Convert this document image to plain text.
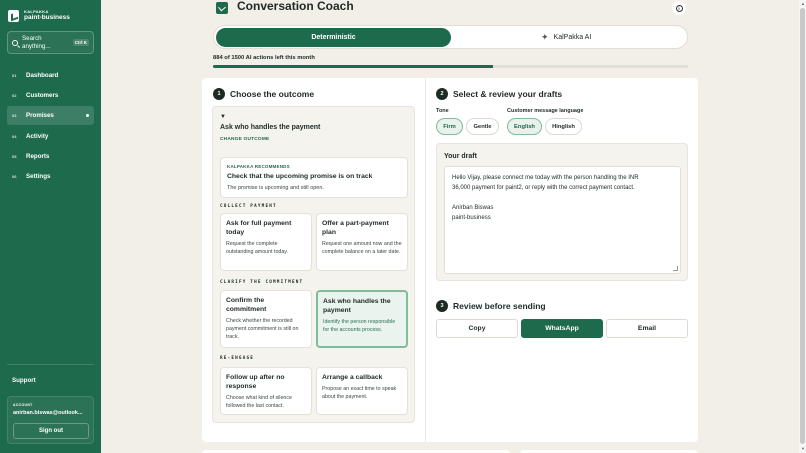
KALPAKKA
paint-business
Search anything...	Ctrl K
01	Dashboard
02	Customers
03	Promises
04	Activity
05	Reports
06	Settings
Support
ACCOUNT
anirban.biswas@outlook...
Sign out
Conversation Coach	i
Deterministic	✦ KalPakka AI
884 of 1500 AI actions left this month
1	Choose the outcome
▼
Ask who handles the payment
CHANGE OUTCOME
KALPAKKA RECOMMENDS
Check that the upcoming promise is on track
The promise is upcoming and still open.
COLLECT PAYMENT
Ask for full payment today
Request the complete outstanding amount today.
Offer a part-payment plan
Request one amount now and the complete balance on a later date.
CLARIFY THE COMMITMENT
Confirm the commitment
Check whether the recorded payment commitment is still on track.
Ask who handles the payment
Identify the person responsible for the accounts process.
RE-ENGAGE
Follow up after no response
Choose what kind of silence followed the last contact.
Arrange a callback
Propose an exact time to speak about the payment.
2	Select & review your drafts
Tone
Firm	Gentle
Customer message language
English	Hinglish
Your draft
Hello Vijay, please connect me today with the person handling the INR
36,000 payment for paint2, or reply with the correct payment contact.

Anirban Biswas
paint-business
3	Review before sending
Copy	WhatsApp	Email
▲
▼
